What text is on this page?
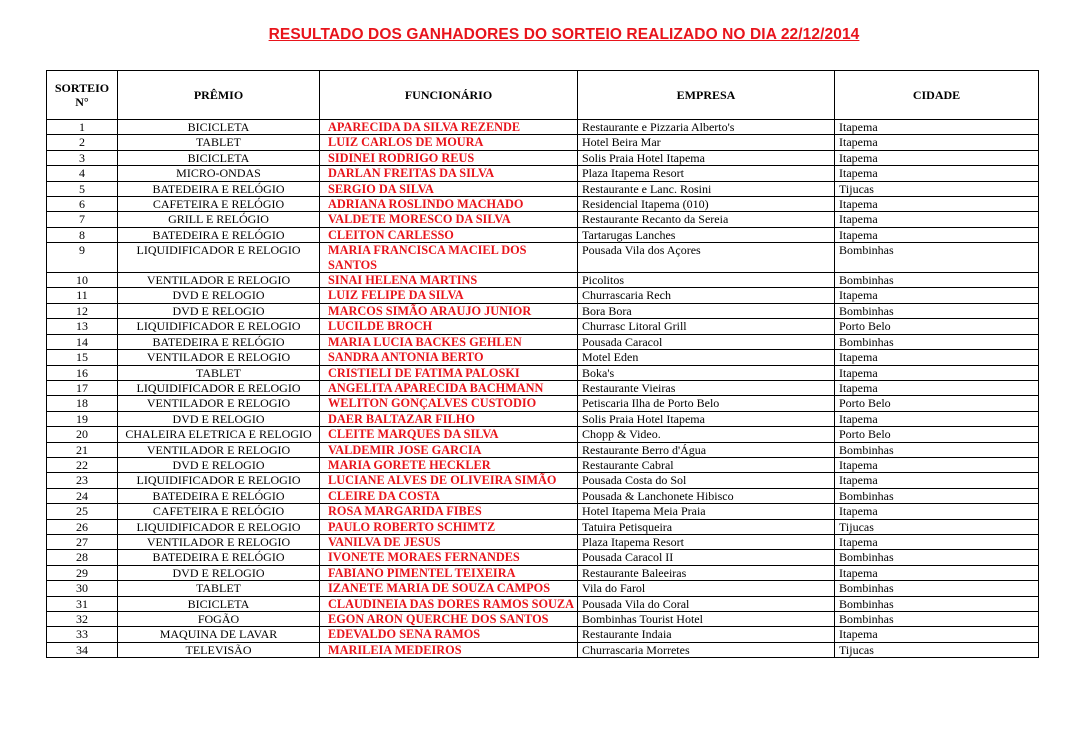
RESULTADO DOS GANHADORES DO SORTEIO REALIZADO NO DIA 22/12/2014
SORTEIO N°	PRÊMIO	FUNCIONÁRIO	EMPRESA	CIDADE
1	BICICLETA	APARECIDA DA SILVA REZENDE	Restaurante e Pizzaria Alberto's	Itapema
2	TABLET	LUIZ CARLOS DE MOURA	Hotel Beira Mar	Itapema
3	BICICLETA	SIDINEI RODRIGO REUS	Solis Praia Hotel Itapema	Itapema
4	MICRO-ONDAS	DARLAN FREITAS DA SILVA	Plaza Itapema Resort	Itapema
5	BATEDEIRA E RELÓGIO	SERGIO DA SILVA	Restaurante e Lanc. Rosini	Tijucas
6	CAFETEIRA E RELÓGIO	ADRIANA ROSLINDO MACHADO	Residencial Itapema (010)	Itapema
7	GRILL E RELÓGIO	VALDETE MORESCO DA SILVA	Restaurante Recanto da Sereia	Itapema
8	BATEDEIRA E RELÓGIO	CLEITON CARLESSO	Tartarugas Lanches	Itapema
9	LIQUIDIFICADOR E RELOGIO	MARIA FRANCISCA MACIEL DOS SANTOS	Pousada Vila dos Açores	Bombinhas
10	VENTILADOR E RELOGIO	SINAI HELENA MARTINS	Picolitos	Bombinhas
11	DVD E RELOGIO	LUIZ FELIPE DA SILVA	Churrascaria Rech	Itapema
12	DVD E RELOGIO	MARCOS SIMÃO ARAUJO JUNIOR	Bora Bora	Bombinhas
13	LIQUIDIFICADOR E RELOGIO	LUCILDE BROCH	Churrasc Litoral Grill	Porto Belo
14	BATEDEIRA E RELÓGIO	MARIA LUCIA BACKES GEHLEN	Pousada Caracol	Bombinhas
15	VENTILADOR E RELOGIO	SANDRA ANTONIA BERTO	Motel Eden	Itapema
16	TABLET	CRISTIELI DE FATIMA PALOSKI	Boka's	Itapema
17	LIQUIDIFICADOR E RELOGIO	ANGELITA APARECIDA BACHMANN	Restaurante Vieiras	Itapema
18	VENTILADOR E RELOGIO	WELITON GONÇALVES CUSTODIO	Petiscaria Ilha de Porto Belo	Porto Belo
19	DVD E RELOGIO	DAER BALTAZAR FILHO	Solis Praia Hotel Itapema	Itapema
20	CHALEIRA ELETRICA E RELOGIO	CLEITE MARQUES DA SILVA	Chopp & Video.	Porto Belo
21	VENTILADOR E RELOGIO	VALDEMIR JOSE GARCIA	Restaurante Berro d'Água	Bombinhas
22	DVD E RELOGIO	MARIA GORETE HECKLER	Restaurante Cabral	Itapema
23	LIQUIDIFICADOR E RELOGIO	LUCIANE ALVES DE OLIVEIRA SIMÃO	Pousada Costa do Sol	Itapema
24	BATEDEIRA E RELÓGIO	CLEIRE DA COSTA	Pousada & Lanchonete Hibisco	Bombinhas
25	CAFETEIRA E RELÓGIO	ROSA MARGARIDA FIBES	Hotel Itapema Meia Praia	Itapema
26	LIQUIDIFICADOR E RELOGIO	PAULO ROBERTO SCHIMTZ	Tatuira Petisqueira	Tijucas
27	VENTILADOR E RELOGIO	VANILVA DE JESUS	Plaza Itapema Resort	Itapema
28	BATEDEIRA E RELÓGIO	IVONETE MORAES FERNANDES	Pousada Caracol II	Bombinhas
29	DVD E RELOGIO	FABIANO PIMENTEL TEIXEIRA	Restaurante Baleeiras	Itapema
30	TABLET	IZANETE MARIA DE SOUZA CAMPOS	Vila do Farol	Bombinhas
31	BICICLETA	CLAUDINEIA DAS DORES RAMOS SOUZA	Pousada Vila do Coral	Bombinhas
32	FOGÃO	EGON ARON QUERCHE DOS SANTOS	Bombinhas Tourist Hotel	Bombinhas
33	MAQUINA DE LAVAR	EDEVALDO SENA RAMOS	Restaurante Indaia	Itapema
34	TELEVISÃO	MARILEIA MEDEIROS	Churrascaria Morretes	Tijucas
